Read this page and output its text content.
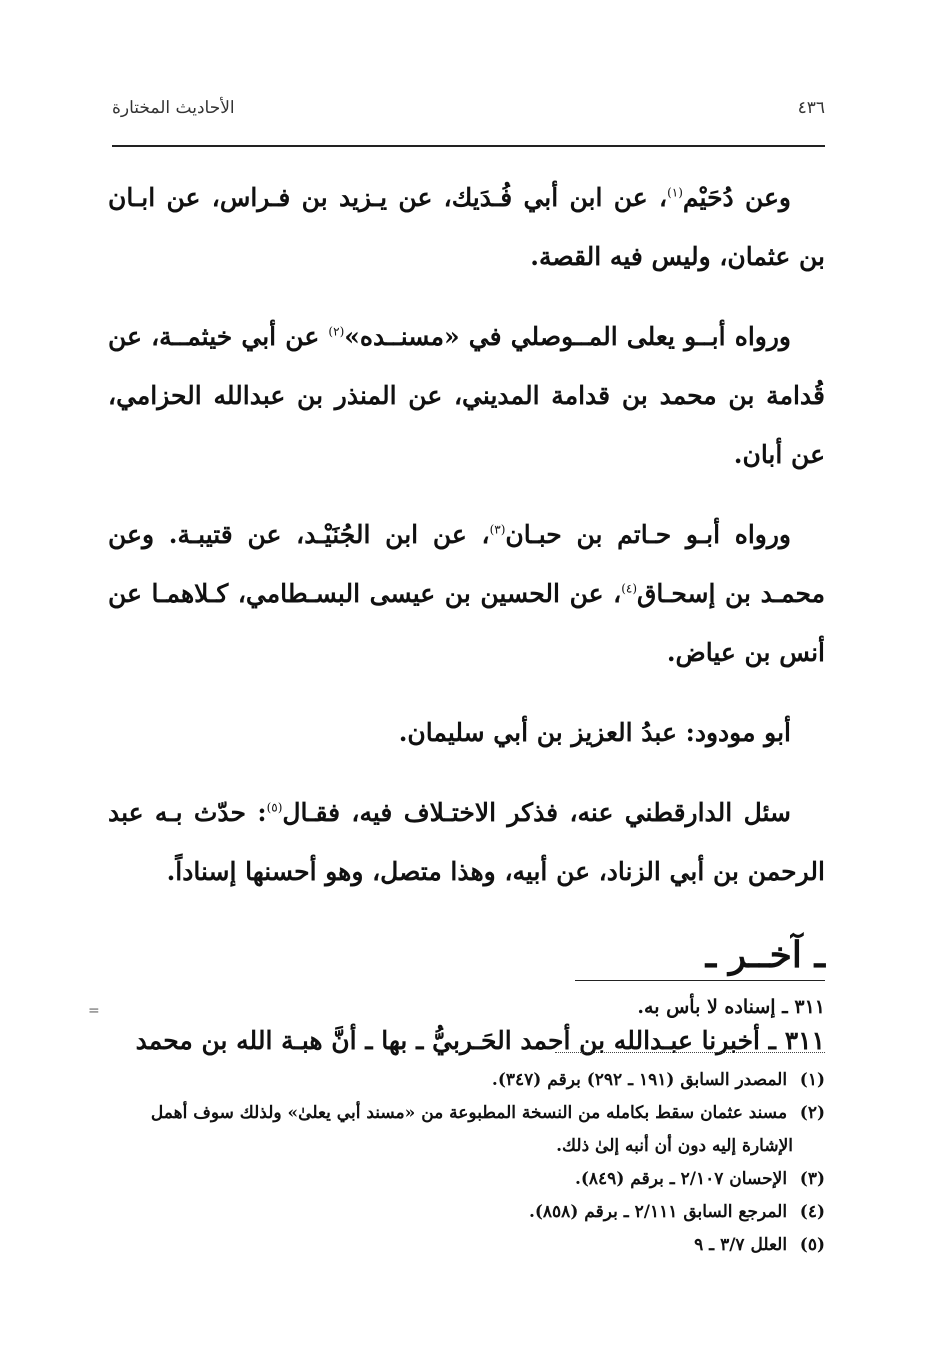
الأحاديث المختارة	٤٣٦

وعن دُحَيْم$^{(١)}$، عن ابن أبي فُـدَيك، عن يـزيد بن فـراس، عن ابـان بن عثمان، وليس فيه القصة.

ورواه أبــو يعلى المــوصلي في «مسنــده»$^{(٢)}$ عن أبي خيثمــة، عن قُدامة بن محمد بن قدامة المديني، عن المنذر بن عبدالله الحزامي، عن أبان.

ورواه أبـو حـاتم بن حبـان$^{(٣)}$، عن ابن الجُنَيْـد، عن قتيبـة. وعن محمـد بن إسحـاق$^{(٤)}$، عن الحسين بن عيسى البسـطامي، كـلاهمـا عن أنس بن عياض.

أبو مودود: عبدُ العزيز بن أبي سليمان.

سئل الدارقطني عنه، فذكر الاختـلاف فيه، فقـال$^{(٥)}$: حدّث بـه عبد الرحمن بن أبي الزناد، عن أبيه، وهذا متصل، وهو أحسنها إسناداً.

ـ آخــر ـ

٣١١ ـ أخبرنا عبـدالله بن أحمد الحَـربيُّ ـ بها ـ أنَّ هبـة الله بن محمد

٣١١ ـ إسناده لا بأس به.
=

(١) المصدر السابق (١٩١ ـ ٢٩٢) برقم (٣٤٧).

(٢) مسند عثمان سقط بكامله من النسخة المطبوعة من «مسند أبي يعلىٰ» ولذلك سوف أهمل

الإشارة إليه دون أن أنبه إلىٰ ذلك.

(٣) الإحسان ٢/١٠٧ ـ برقم (٨٤٩).

(٤) المرجع السابق ٢/١١١ ـ برقم (٨٥٨).

(٥) العلل ٣/٧ ـ ٩
